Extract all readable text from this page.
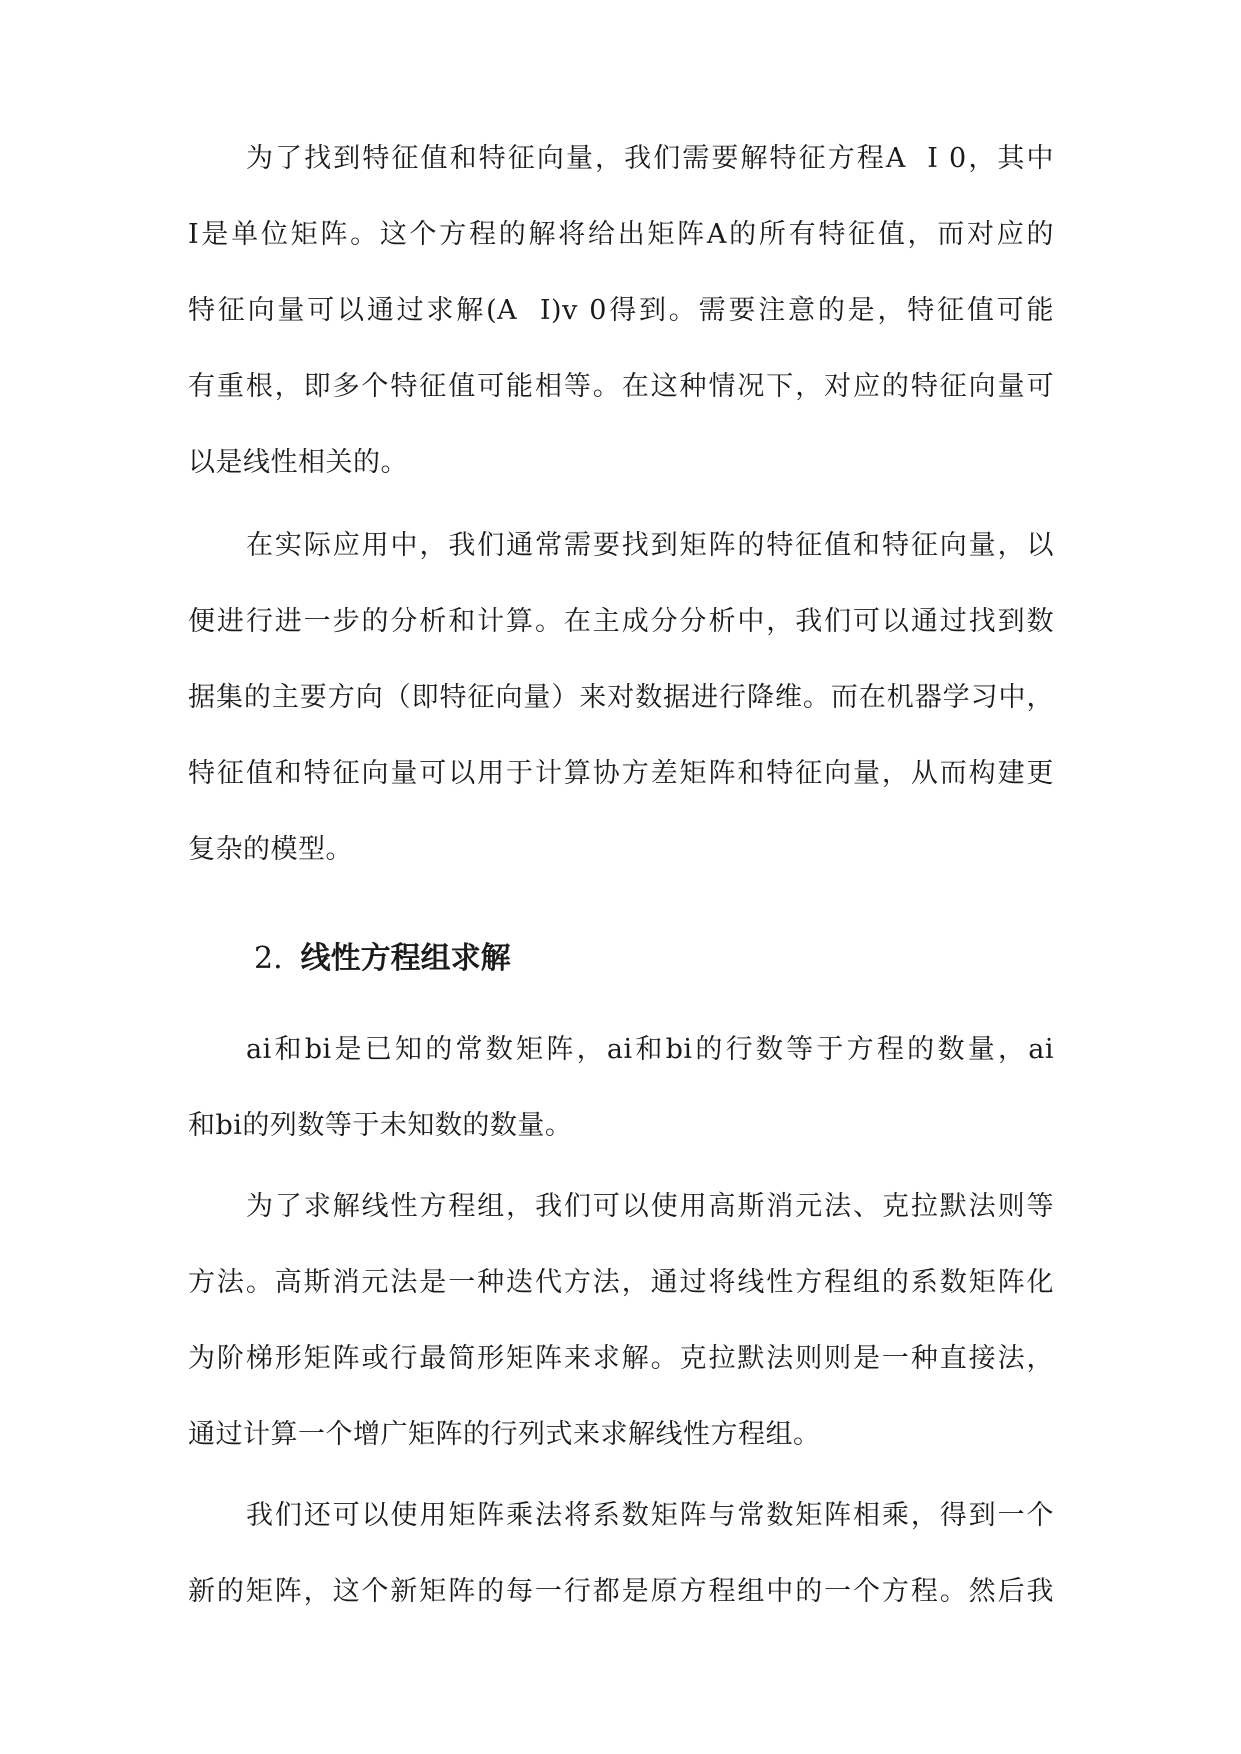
为了找到特征值和特征向量，我们需要解特征方程A  I 0，其中
I是单位矩阵。这个方程的解将给出矩阵A的所有特征值，而对应的
特征向量可以通过求解(A  I)v 0得到。需要注意的是，特征值可能
有重根，即多个特征值可能相等。在这种情况下，对应的特征向量可
以是线性相关的。
在实际应用中，我们通常需要找到矩阵的特征值和特征向量，以
便进行进一步的分析和计算。在主成分分析中，我们可以通过找到数
据集的主要方向（即特征向量）来对数据进行降维。而在机器学习中，
特征值和特征向量可以用于计算协方差矩阵和特征向量，从而构建更
复杂的模型。
2. 线性方程组求解
ai和bi是已知的常数矩阵，ai和bi的行数等于方程的数量，ai
和bi的列数等于未知数的数量。
为了求解线性方程组，我们可以使用高斯消元法、克拉默法则等
方法。高斯消元法是一种迭代方法，通过将线性方程组的系数矩阵化
为阶梯形矩阵或行最简形矩阵来求解。克拉默法则则是一种直接法，
通过计算一个增广矩阵的行列式来求解线性方程组。
我们还可以使用矩阵乘法将系数矩阵与常数矩阵相乘，得到一个
新的矩阵，这个新矩阵的每一行都是原方程组中的一个方程。然后我
